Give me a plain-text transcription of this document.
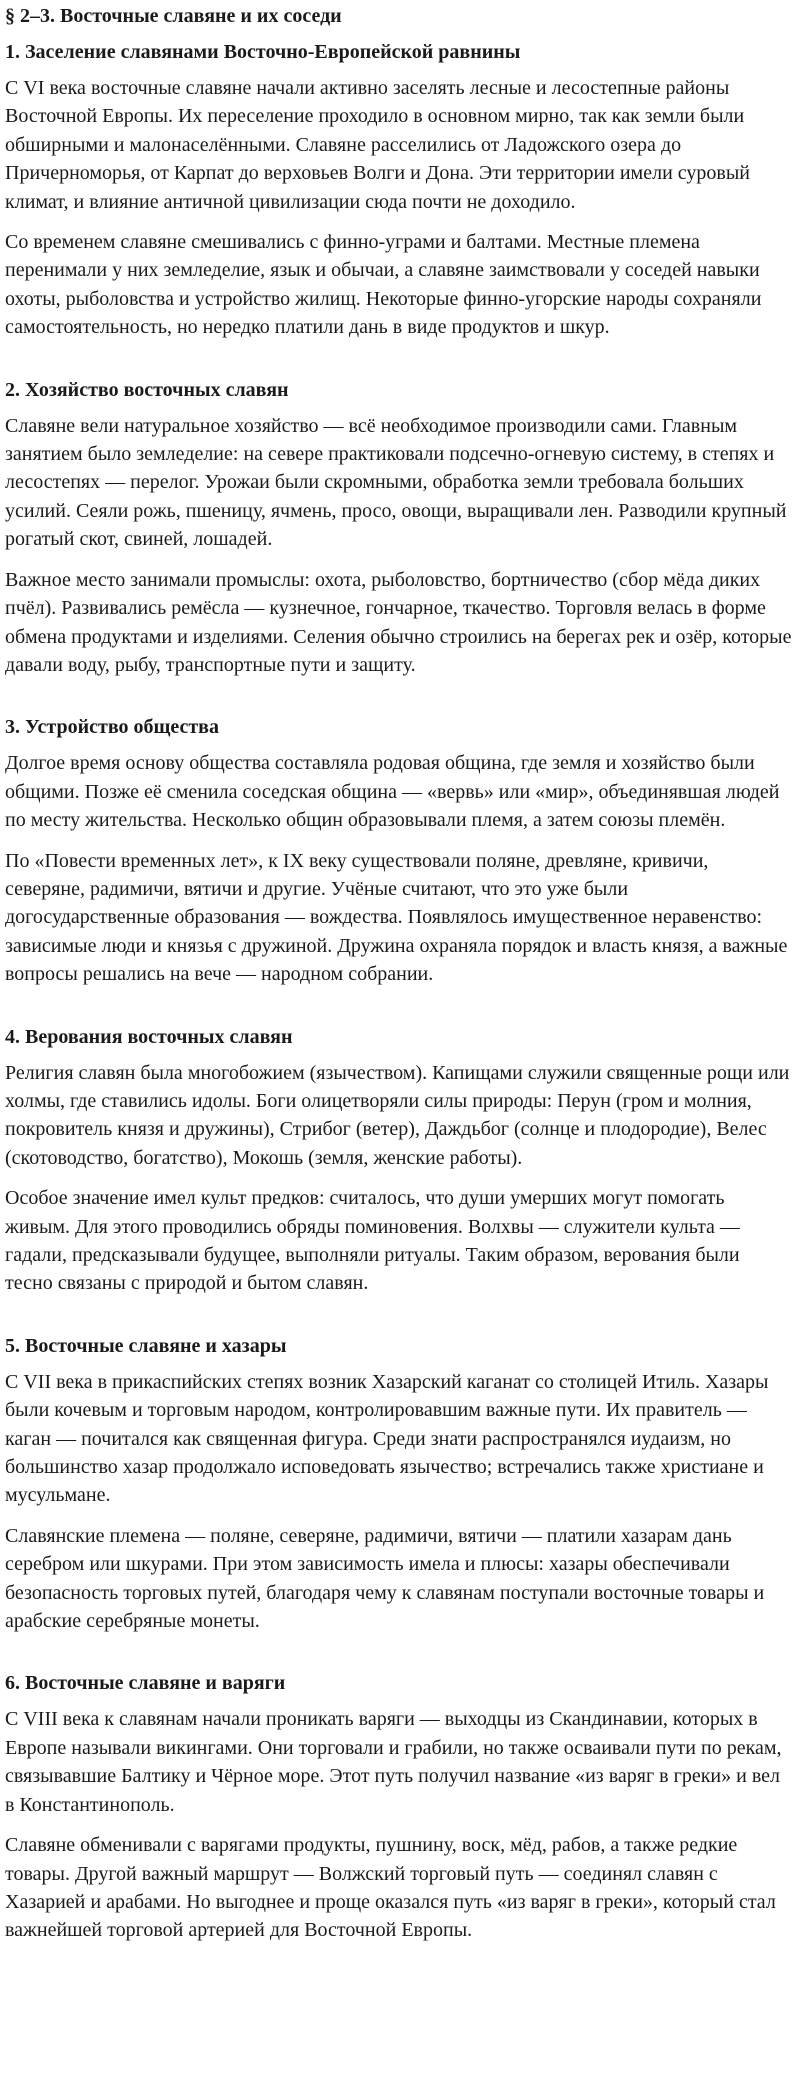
§ 2–3. Восточные славяне и их соседи
1. Заселение славянами Восточно-Европейской равнины

С VI века восточные славяне начали активно заселять лесные и лесостепные районы Восточной Европы. Их переселение проходило в основном мирно, так как земли были обширными и малонаселёнными. Славяне расселились от Ладожского озера до Причерноморья, от Карпат до верховьев Волги и Дона. Эти территории имели суровый климат, и влияние античной цивилизации сюда почти не доходило.

Со временем славяне смешивались с финно-уграми и балтами. Местные племена перенимали у них земледелие, язык и обычаи, а славяне заимствовали у соседей навыки охоты, рыболовства и устройство жилищ. Некоторые финно-угорские народы сохраняли самостоятельность, но нередко платили дань в виде продуктов и шкур.

2. Хозяйство восточных славян

Славяне вели натуральное хозяйство — всё необходимое производили сами. Главным занятием было земледелие: на севере практиковали подсечно-огневую систему, в степях и лесостепях — перелог. Урожаи были скромными, обработка земли требовала больших усилий. Сеяли рожь, пшеницу, ячмень, просо, овощи, выращивали лен. Разводили крупный рогатый скот, свиней, лошадей.

Важное место занимали промыслы: охота, рыболовство, бортничество (сбор мёда диких пчёл). Развивались ремёсла — кузнечное, гончарное, ткачество. Торговля велась в форме обмена продуктами и изделиями. Селения обычно строились на берегах рек и озёр, которые давали воду, рыбу, транспортные пути и защиту.

3. Устройство общества

Долгое время основу общества составляла родовая община, где земля и хозяйство были общими. Позже её сменила соседская община — «вервь» или «мир», объединявшая людей по месту жительства. Несколько общин образовывали племя, а затем союзы племён.

По «Повести временных лет», к IX веку существовали поляне, древляне, кривичи, северяне, радимичи, вятичи и другие. Учёные считают, что это уже были догосударственные образования — вождества. Появлялось имущественное неравенство: зависимые люди и князья с дружиной. Дружина охраняла порядок и власть князя, а важные вопросы решались на вече — народном собрании.

4. Верования восточных славян

Религия славян была многобожием (язычеством). Капищами служили священные рощи или холмы, где ставились идолы. Боги олицетворяли силы природы: Перун (гром и молния, покровитель князя и дружины), Стрибог (ветер), Даждьбог (солнце и плодородие), Велес (скотоводство, богатство), Мокошь (земля, женские работы).

Особое значение имел культ предков: считалось, что души умерших могут помогать живым. Для этого проводились обряды поминовения. Волхвы — служители культа — гадали, предсказывали будущее, выполняли ритуалы. Таким образом, верования были тесно связаны с природой и бытом славян.

5. Восточные славяне и хазары

С VII века в прикаспийских степях возник Хазарский каганат со столицей Итиль. Хазары были кочевым и торговым народом, контролировавшим важные пути. Их правитель — каган — почитался как священная фигура. Среди знати распространялся иудаизм, но большинство хазар продолжало исповедовать язычество; встречались также христиане и мусульмане.

Славянские племена — поляне, северяне, радимичи, вятичи — платили хазарам дань серебром или шкурами. При этом зависимость имела и плюсы: хазары обеспечивали безопасность торговых путей, благодаря чему к славянам поступали восточные товары и арабские серебряные монеты.

6. Восточные славяне и варяги

С VIII века к славянам начали проникать варяги — выходцы из Скандинавии, которых в Европе называли викингами. Они торговали и грабили, но также осваивали пути по рекам, связывавшие Балтику и Чёрное море. Этот путь получил название «из варяг в греки» и вел в Константинополь.

Славяне обменивали с варягами продукты, пушнину, воск, мёд, рабов, а также редкие товары. Другой важный маршрут — Волжский торговый путь — соединял славян с Хазарией и арабами. Но выгоднее и проще оказался путь «из варяг в греки», который стал важнейшей торговой артерией для Восточной Европы.
